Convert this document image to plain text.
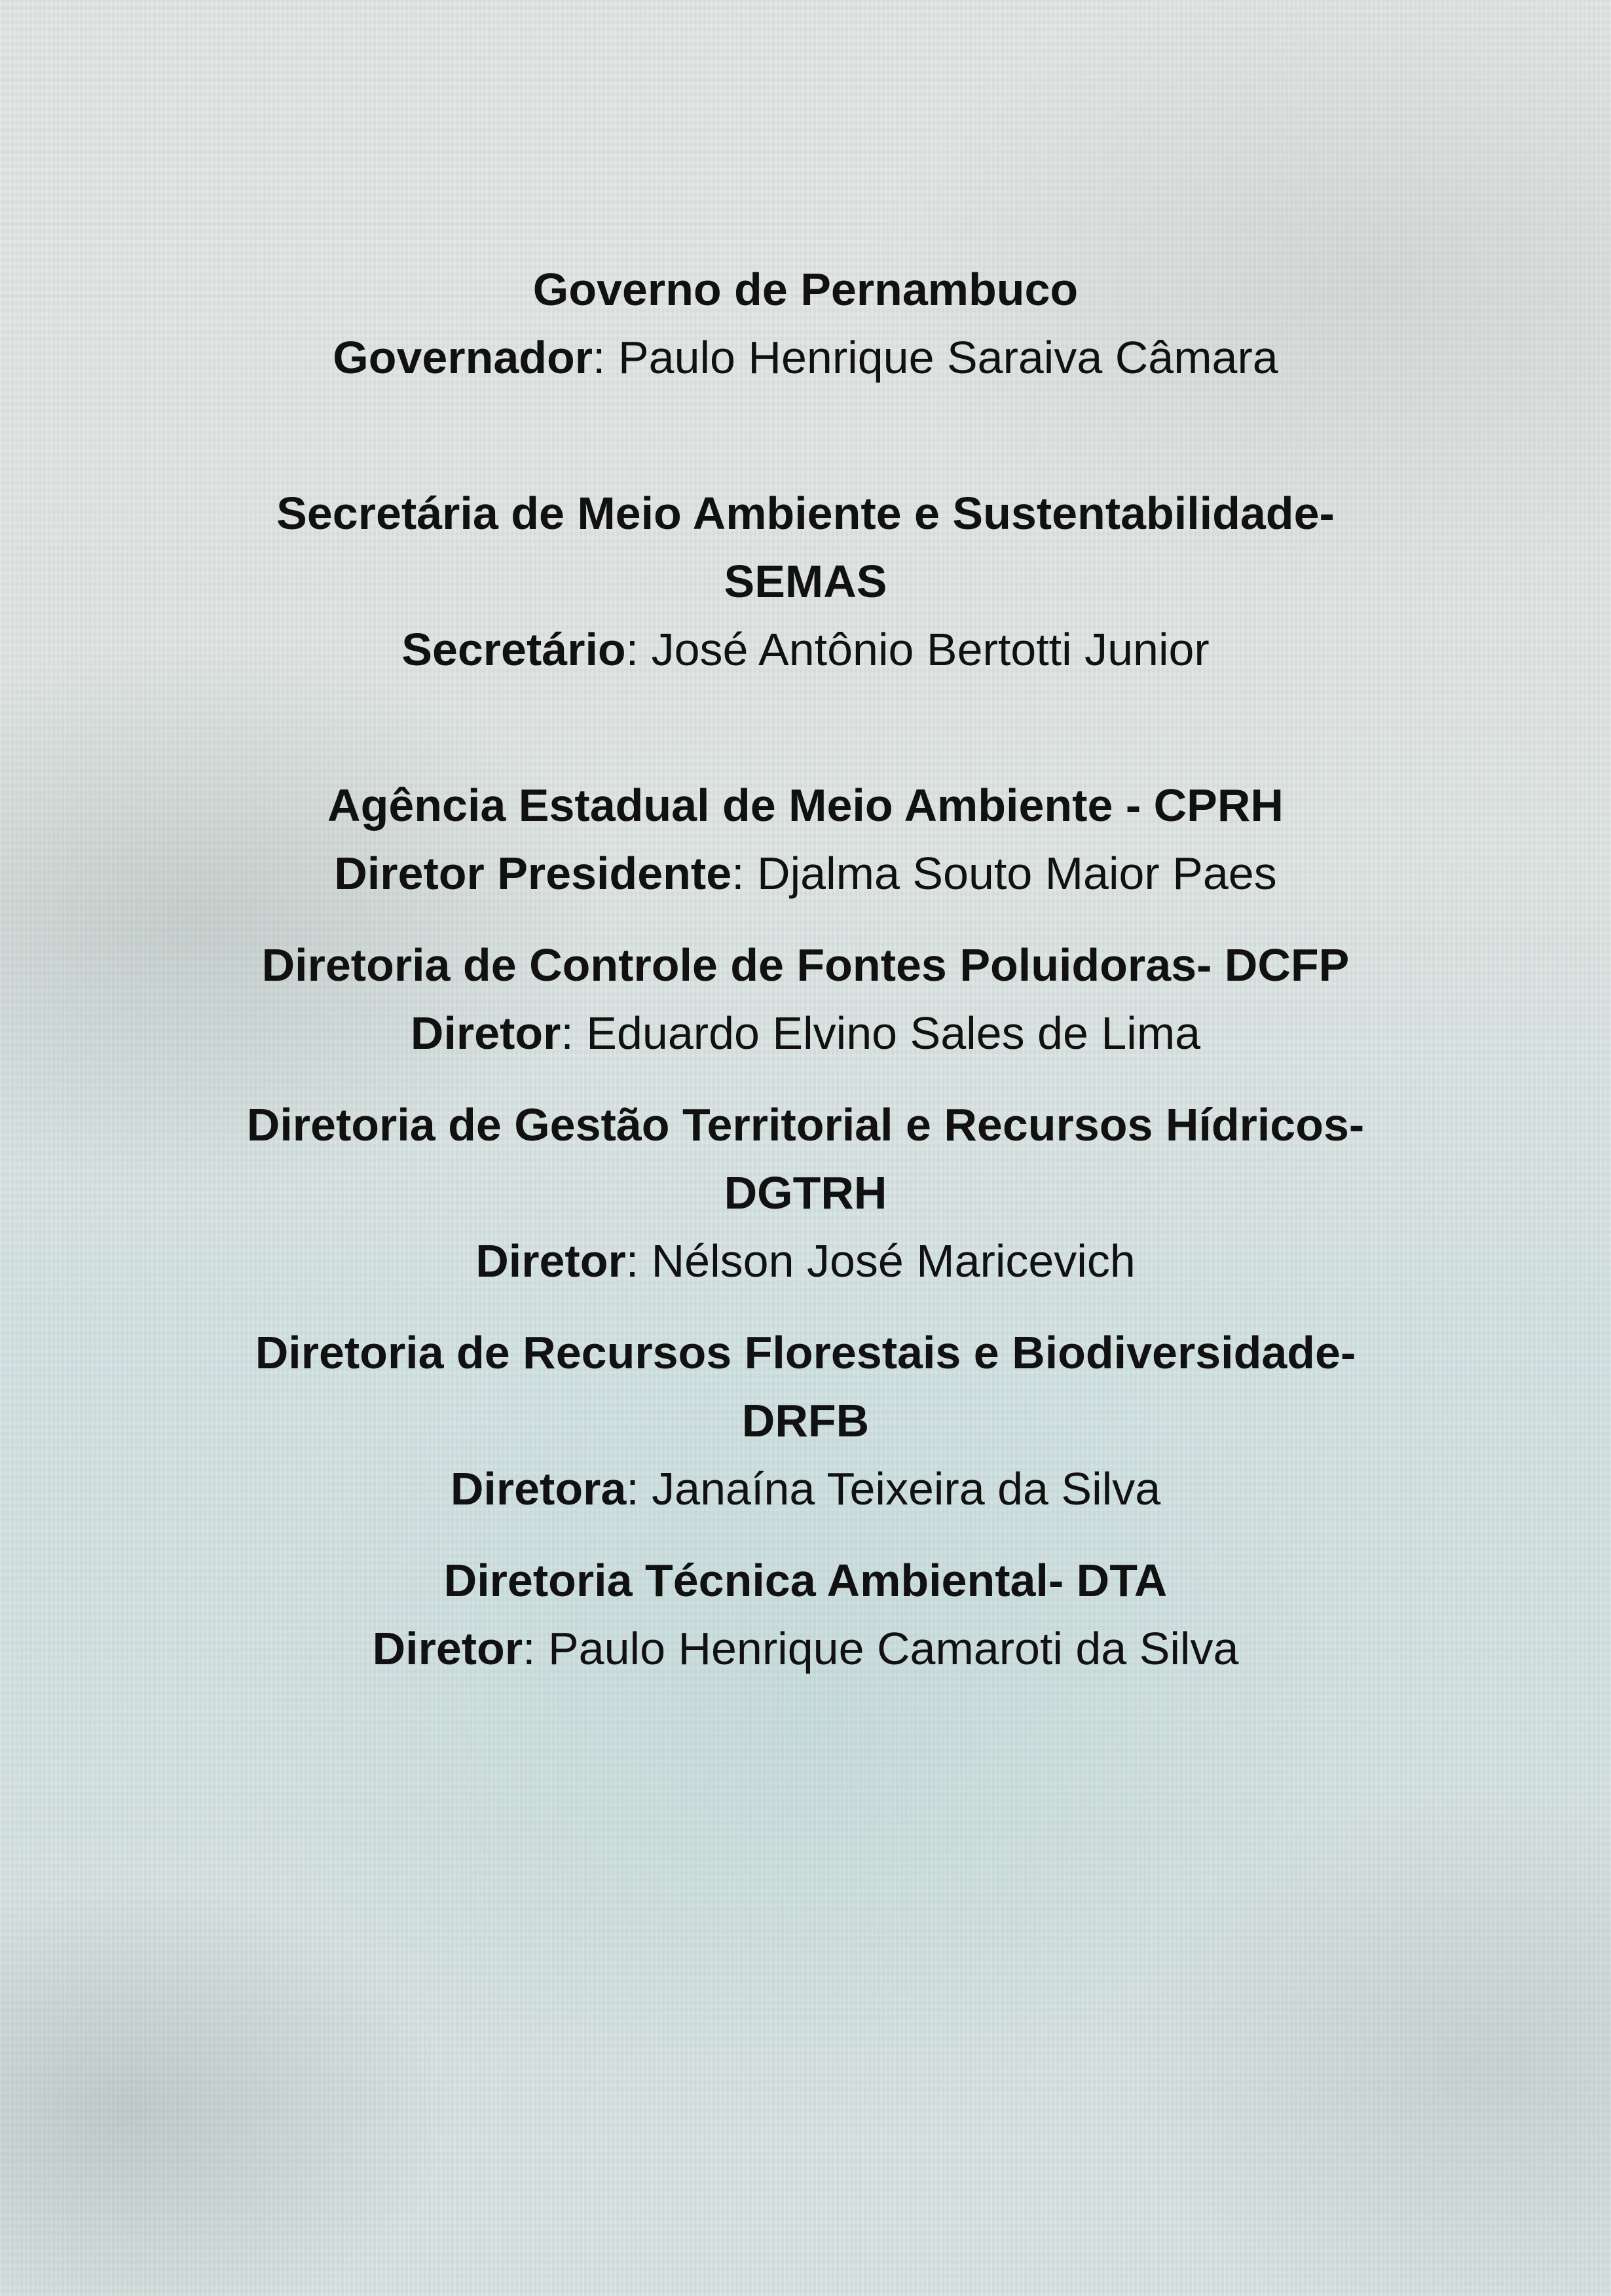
Governo de Pernambuco

Governador: Paulo Henrique Saraiva Câmara

Secretária de Meio Ambiente e Sustentabilidade- SEMAS

Secretário: José Antônio Bertotti Junior

Agência Estadual de Meio Ambiente - CPRH

Diretor Presidente: Djalma Souto Maior Paes

Diretoria de Controle de Fontes Poluidoras- DCFP

Diretor: Eduardo Elvino Sales de Lima

Diretoria de Gestão Territorial e Recursos Hídricos- DGTRH

Diretor: Nélson José Maricevich

Diretoria de Recursos Florestais e Biodiversidade- DRFB

Diretora: Janaína Teixeira da Silva

Diretoria Técnica Ambiental- DTA

Diretor: Paulo Henrique Camaroti da Silva
